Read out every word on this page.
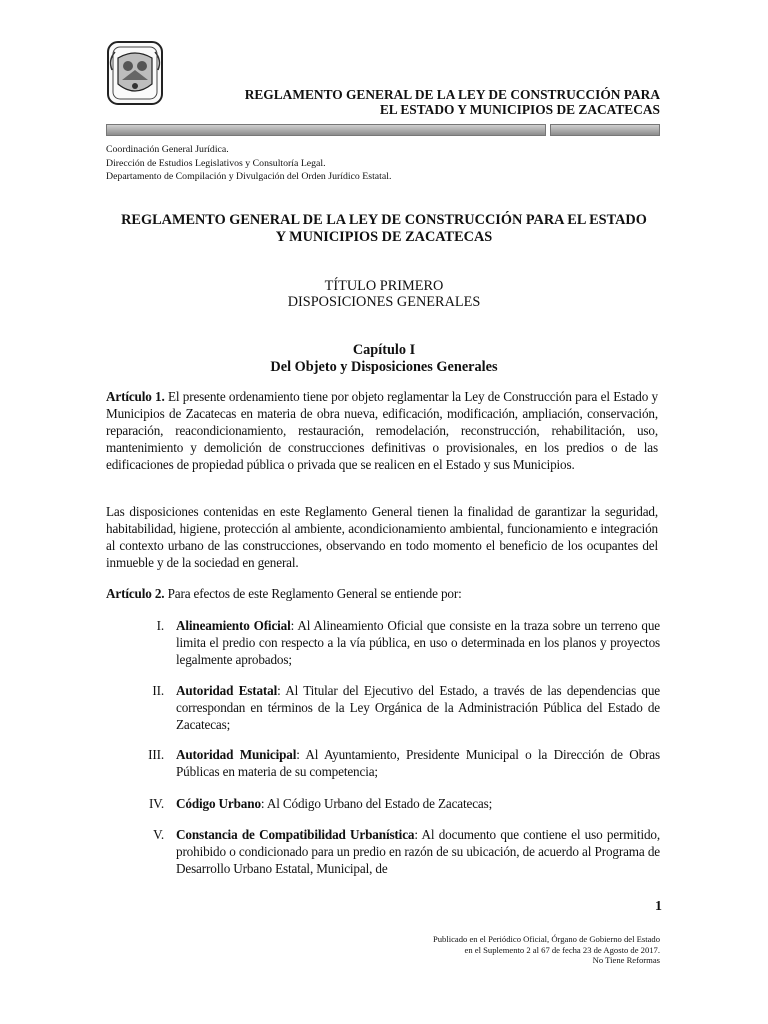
REGLAMENTO GENERAL DE LA LEY DE CONSTRUCCIÓN PARA
EL ESTADO Y MUNICIPIOS DE ZACATECAS
Coordinación General Jurídica.
Dirección de Estudios Legislativos y Consultoría Legal.
Departamento de Compilación y Divulgación del Orden Jurídico Estatal.
REGLAMENTO GENERAL DE LA LEY DE CONSTRUCCIÓN PARA EL ESTADO
Y MUNICIPIOS DE ZACATECAS
TÍTULO PRIMERO
DISPOSICIONES GENERALES
Capítulo I
Del Objeto y Disposiciones Generales
Artículo 1. El presente ordenamiento tiene por objeto reglamentar la Ley de Construcción para el Estado y Municipios de Zacatecas en materia de obra nueva, edificación, modificación, ampliación, conservación, reparación, reacondicionamiento, restauración, remodelación, reconstrucción, rehabilitación, uso, mantenimiento y demolición de construcciones definitivas o provisionales, en los predios o de las edificaciones de propiedad pública o privada que se realicen en el Estado y sus Municipios.
Las disposiciones contenidas en este Reglamento General tienen la finalidad de garantizar la seguridad, habitabilidad, higiene, protección al ambiente, acondicionamiento ambiental, funcionamiento e integración al contexto urbano de las construcciones, observando en todo momento el beneficio de los ocupantes del inmueble y de la sociedad en general.
Artículo 2. Para efectos de este Reglamento General se entiende por:
I. Alineamiento Oficial: Al Alineamiento Oficial que consiste en la traza sobre un terreno que limita el predio con respecto a la vía pública, en uso o determinada en los planos y proyectos legalmente aprobados;
II. Autoridad Estatal: Al Titular del Ejecutivo del Estado, a través de las dependencias que correspondan en términos de la Ley Orgánica de la Administración Pública del Estado de Zacatecas;
III. Autoridad Municipal: Al Ayuntamiento, Presidente Municipal o la Dirección de Obras Públicas en materia de su competencia;
IV. Código Urbano: Al Código Urbano del Estado de Zacatecas;
V. Constancia de Compatibilidad Urbanística: Al documento que contiene el uso permitido, prohibido o condicionado para un predio en razón de su ubicación, de acuerdo al Programa de Desarrollo Urbano Estatal, Municipal, de
1
Publicado en el Periódico Oficial, Órgano de Gobierno del Estado
en el Suplemento 2 al 67 de fecha 23 de Agosto de 2017.
No Tiene Reformas
